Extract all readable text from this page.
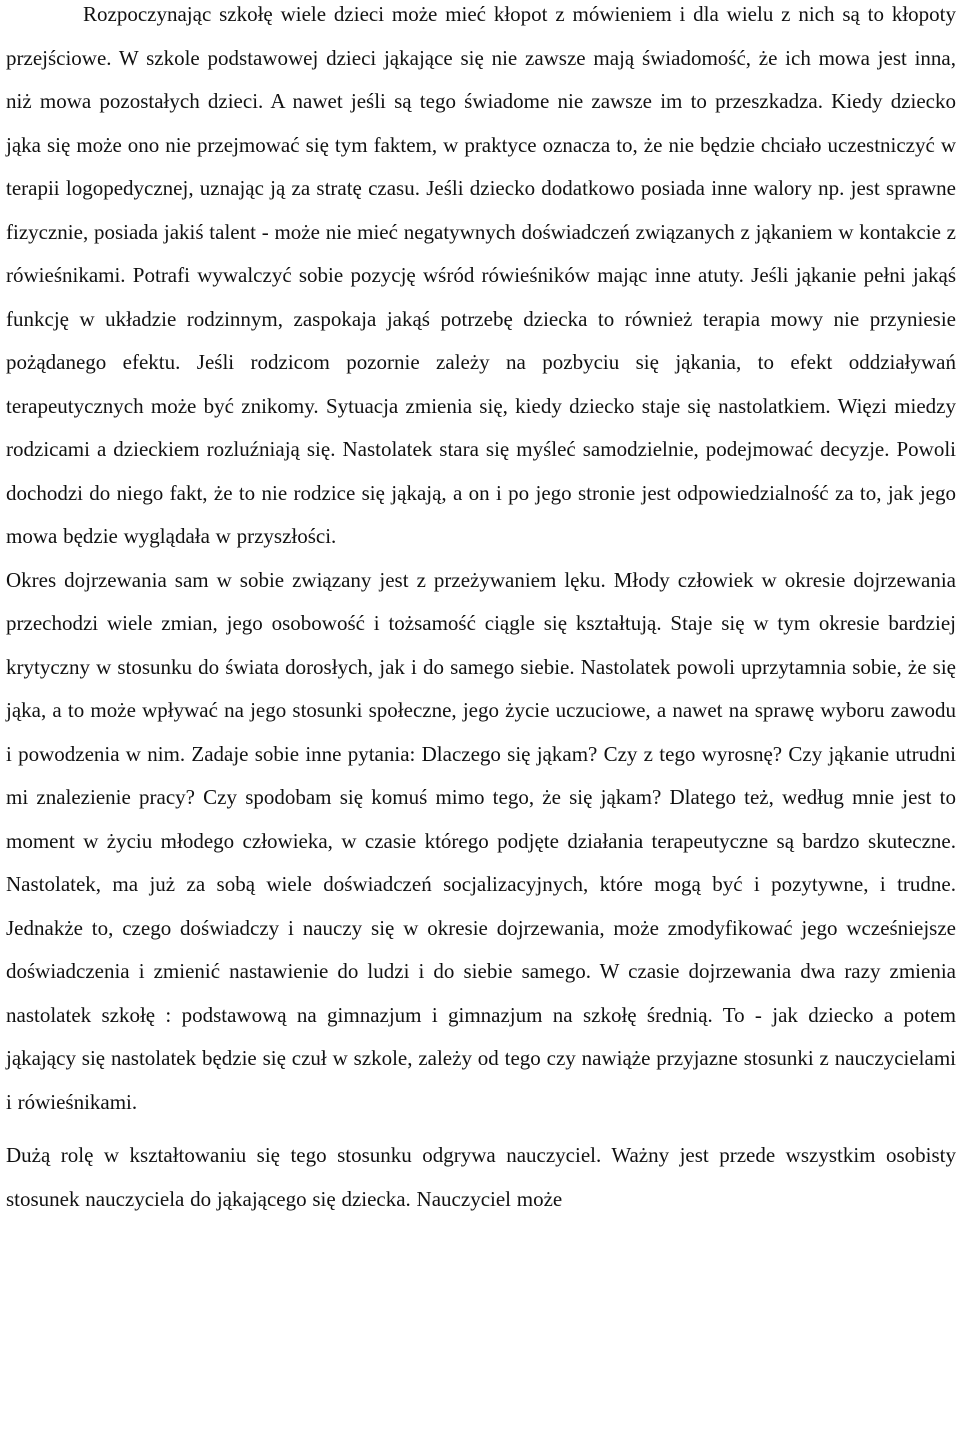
Rozpoczynając szkołę wiele dzieci może mieć kłopot z mówieniem i dla wielu z nich są to kłopoty przejściowe. W szkole podstawowej dzieci jąkające się nie zawsze mają świadomość, że ich mowa jest inna, niż mowa pozostałych dzieci. A nawet jeśli są tego świadome nie zawsze im to przeszkadza. Kiedy dziecko jąka się może ono nie przejmować się tym faktem, w praktyce oznacza to, że nie będzie chciało uczestniczyć w terapii logopedycznej, uznając ją za stratę czasu. Jeśli dziecko dodatkowo posiada inne walory np. jest sprawne fizycznie, posiada jakiś talent - może nie mieć negatywnych doświadczeń związanych z jąkaniem w kontakcie z rówieśnikami. Potrafi wywalczyć sobie pozycję wśród rówieśników mając inne atuty. Jeśli jąkanie pełni jakąś funkcję w układzie rodzinnym, zaspokaja jakąś potrzebę dziecka to również terapia mowy nie przyniesie pożądanego efektu. Jeśli rodzicom pozornie zależy na pozbyciu się jąkania, to efekt oddziaływań terapeutycznych może być znikomy. Sytuacja zmienia się, kiedy dziecko staje się nastolatkiem. Więzi miedzy rodzicami a dzieckiem rozluźniają się. Nastolatek stara się myśleć samodzielnie, podejmować decyzje. Powoli dochodzi do niego fakt, że to nie rodzice się jąkają, a on i po jego stronie jest odpowiedzialność za to, jak jego mowa będzie wyglądała w przyszłości.

Okres dojrzewania sam w sobie związany jest z przeżywaniem lęku. Młody człowiek w okresie dojrzewania przechodzi wiele zmian, jego osobowość i tożsamość ciągle się kształtują. Staje się w tym okresie bardziej krytyczny w stosunku do świata dorosłych, jak i do samego siebie. Nastolatek powoli uprzytamnia sobie, że się jąka, a to może wpływać na jego stosunki społeczne, jego życie uczuciowe, a nawet na sprawę wyboru zawodu i powodzenia w nim. Zadaje sobie inne pytania: Dlaczego się jąkam? Czy z tego wyrosnę? Czy jąkanie utrudni mi znalezienie pracy? Czy spodobam się komuś mimo tego, że się jąkam? Dlatego też, według mnie jest to moment w życiu młodego człowieka, w czasie którego podjęte działania terapeutyczne są bardzo skuteczne. Nastolatek, ma już za sobą wiele doświadczeń socjalizacyjnych, które mogą być i pozytywne, i trudne. Jednakże to, czego doświadczy i nauczy się w okresie dojrzewania, może zmodyfikować jego wcześniejsze doświadczenia i zmienić nastawienie do ludzi i do siebie samego. W czasie dojrzewania dwa razy zmienia nastolatek szkołę : podstawową na gimnazjum i gimnazjum na szkołę średnią. To - jak dziecko a potem jąkający się nastolatek będzie się czuł w szkole, zależy od tego czy nawiąże przyjazne stosunki z nauczycielami i rówieśnikami.

Dużą rolę w kształtowaniu się tego stosunku odgrywa nauczyciel. Ważny jest przede wszystkim osobisty stosunek nauczyciela do jąkającego się dziecka. Nauczyciel może
